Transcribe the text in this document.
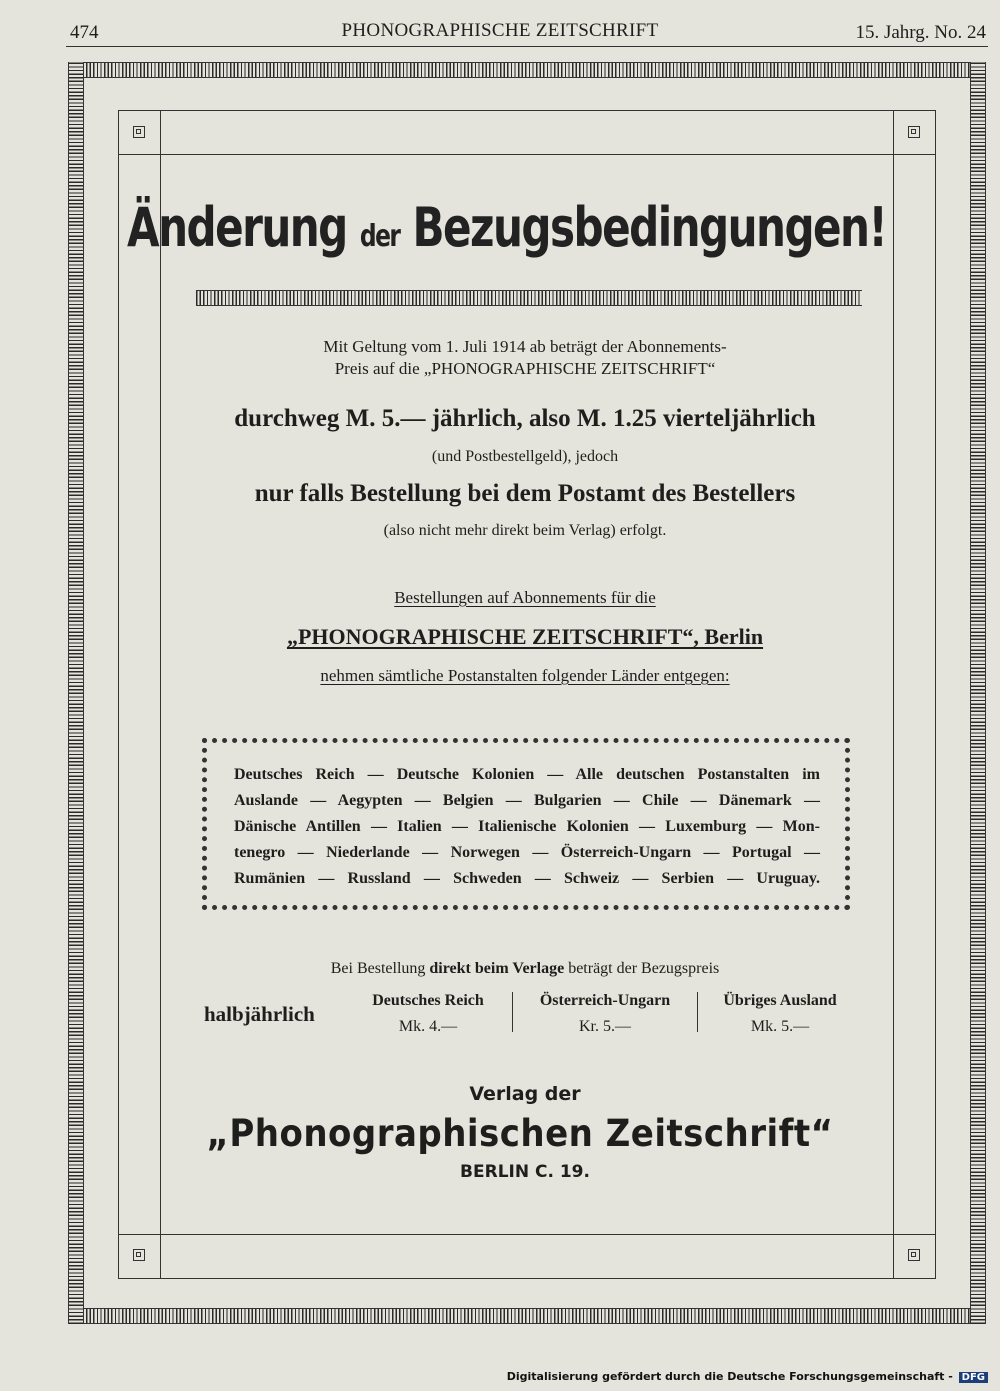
474	PHONOGRAPHISCHE ZEITSCHRIFT	15. Jahrg. No. 24
Änderung der Bezugsbedingungen!
Mit Geltung vom 1. Juli 1914 ab beträgt der Abonnements-
Preis auf die „PHONOGRAPHISCHE ZEITSCHRIFT“
durchweg M. 5.— jährlich, also M. 1.25 vierteljährlich
(und Postbestellgeld), jedoch
nur falls Bestellung bei dem Postamt des Bestellers
(also nicht mehr direkt beim Verlag) erfolgt.
Bestellungen auf Abonnements für die
„PHONOGRAPHISCHE ZEITSCHRIFT“, Berlin
nehmen sämtliche Postanstalten folgender Länder entgegen:
Deutsches Reich — Deutsche Kolonien — Alle deutschen Postanstalten im
Auslande — Aegypten — Belgien — Bulgarien — Chile — Dänemark —
Dänische Antillen — Italien — Italienische Kolonien — Luxemburg — Mon-
tenegro — Niederlande — Norwegen — Österreich-Ungarn — Portugal —
Rumänien — Russland — Schweden — Schweiz — Serbien — Uruguay.
Bei Bestellung direkt beim Verlage beträgt der Bezugspreis
halbjährlich
Deutsches Reich
Mk. 4.—
Österreich-Ungarn
Kr. 5.—
Übriges Ausland
Mk. 5.—
Verlag der
„Phonographischen Zeitschrift“
BERLIN C. 19.
Digitalisierung gefördert durch die Deutsche Forschungsgemeinschaft - DFG
